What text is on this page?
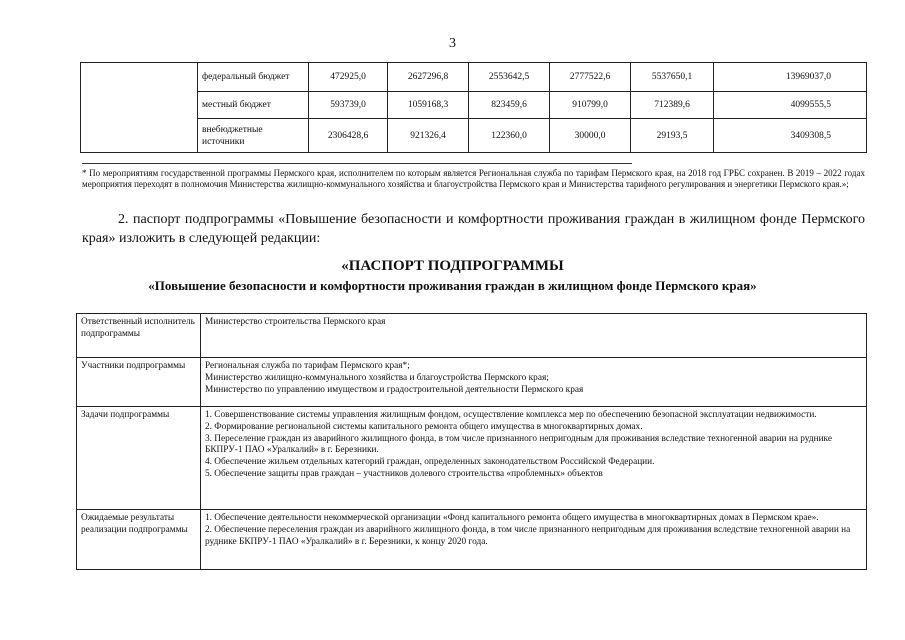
3
	федеральный бюджет	472925,0	2627296,8	2553642,5	2777522,6	5537650,1	13969037,0
	местный бюджет	593739,0	1059168,3	823459,6	910799,0	712389,6	4099555,5
	внебюджетные источники	2306428,6	921326,4	122360,0	30000,0	29193,5	3409308,5
* По мероприятиям государственной программы Пермского края, исполнителем по которым является Региональная служба по тарифам Пермского края, на 2018 год ГРБС сохранен. В 2019 – 2022 годах мероприятия переходят в полномочия Министерства жилищно-коммунального хозяйства и благоустройства Пермского края и Министерства тарифного регулирования и энергетики Пермского края.»;
2. паспорт подпрограммы «Повышение безопасности и комфортности проживания граждан в жилищном фонде Пермского края» изложить в следующей редакции:
«ПАСПОРТ ПОДПРОГРАММЫ
«Повышение безопасности и комфортности проживания граждан в жилищном фонде Пермского края»
Ответственный исполнитель подпрограммы	Министерство строительства Пермского края
Участники подпрограммы	Региональная служба по тарифам Пермского края*;
Министерство жилищно-коммунального хозяйства и благоустройства Пермского края;
Министерство по управлению имуществом и градостроительной деятельности Пермского края

Задачи подпрограммы	1. Совершенствование системы управления жилищным фондом, осуществление комплекса мер по обеспечению безопасной эксплуатации недвижимости.
2. Формирование региональной системы капитального ремонта общего имущества в многоквартирных домах.
3. Переселение граждан из аварийного жилищного фонда, в том числе признанного непригодным для проживания вследствие техногенной аварии на руднике БКПРУ-1 ПАО «Уралкалий» в г. Березники.
4. Обеспечение жильем отдельных категорий граждан, определенных законодательством Российской Федерации.
5. Обеспечение защиты прав граждан – участников долевого строительства «проблемных» объектов

Ожидаемые результаты реализации подпрограммы	1. Обеспечение деятельности некоммерческой организации «Фонд капитального ремонта общего имущества в многоквартирных домах в Пермском крае».
2. Обеспечение переселения граждан из аварийного жилищного фонда, в том числе признанного непригодным для проживания вследствие техногенной аварии на руднике БКПРУ-1 ПАО «Уралкалий» в г. Березники, к концу 2020 года.
